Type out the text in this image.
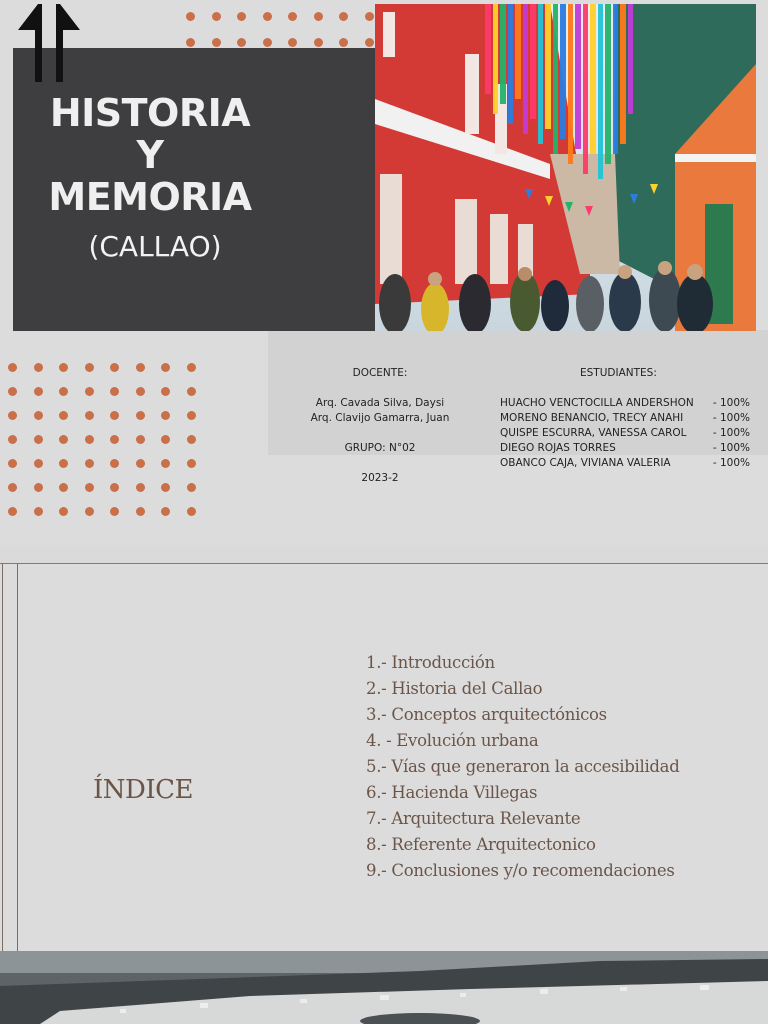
HISTORIA
Y
MEMORIA
(CALLAO)
DOCENTE:
Arq. Cavada Silva, Daysi
Arq. Clavijo Gamarra, Juan
GRUPO: N°02
2023-2
ESTUDIANTES:
HUACHO VENCTOCILLA ANDERSHON - 100%
MORENO BENANCIO, TRECY ANAHI	- 100%
QUISPE ESCURRA, VANESSA CAROL	- 100%
DIEGO ROJAS TORRES	- 100%
OBANCO CAJA, VIVIANA VALERIA	- 100%
ÍNDICE
1.- Introducción
2.- Historia del Callao
3.- Conceptos arquitectónicos
4. - Evolución urbana
5.- Vías que generaron la accesibilidad
6.- Hacienda Villegas
7.- Arquitectura Relevante
8.- Referente Arquitectonico
9.- Conclusiones y/o recomendaciones
